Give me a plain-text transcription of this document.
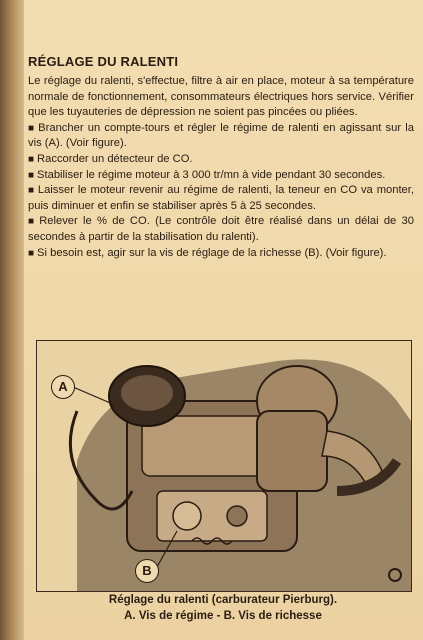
RÉGLAGE DU RALENTI

Le réglage du ralenti, s'effectue, filtre à air en place, moteur à sa température normale de fonctionnement, consommateurs électriques hors service. Vérifier que les tuyauteries de dépression ne soient pas pincées ou pliées.

■ Brancher un compte-tours et régler le régime de ralenti en agissant sur la vis (A). (Voir figure).

■ Raccorder un détecteur de CO.

■ Stabiliser le régime moteur à 3 000 tr/mn à vide pendant 30 secondes.

■ Laisser le moteur revenir au régime de ralenti, la teneur en CO va monter, puis diminuer et enfin se stabiliser après 5 à 25 secondes.

■ Relever le % de CO. (Le contrôle doit être réalisé dans un délai de 30 secondes à partir de la stabilisation du ralenti).

■ Si besoin est, agir sur la vis de réglage de la richesse (B). (Voir figure).

A
B
Réglage du ralenti (carburateur Pierburg).
A. Vis de régime - B. Vis de richesse
